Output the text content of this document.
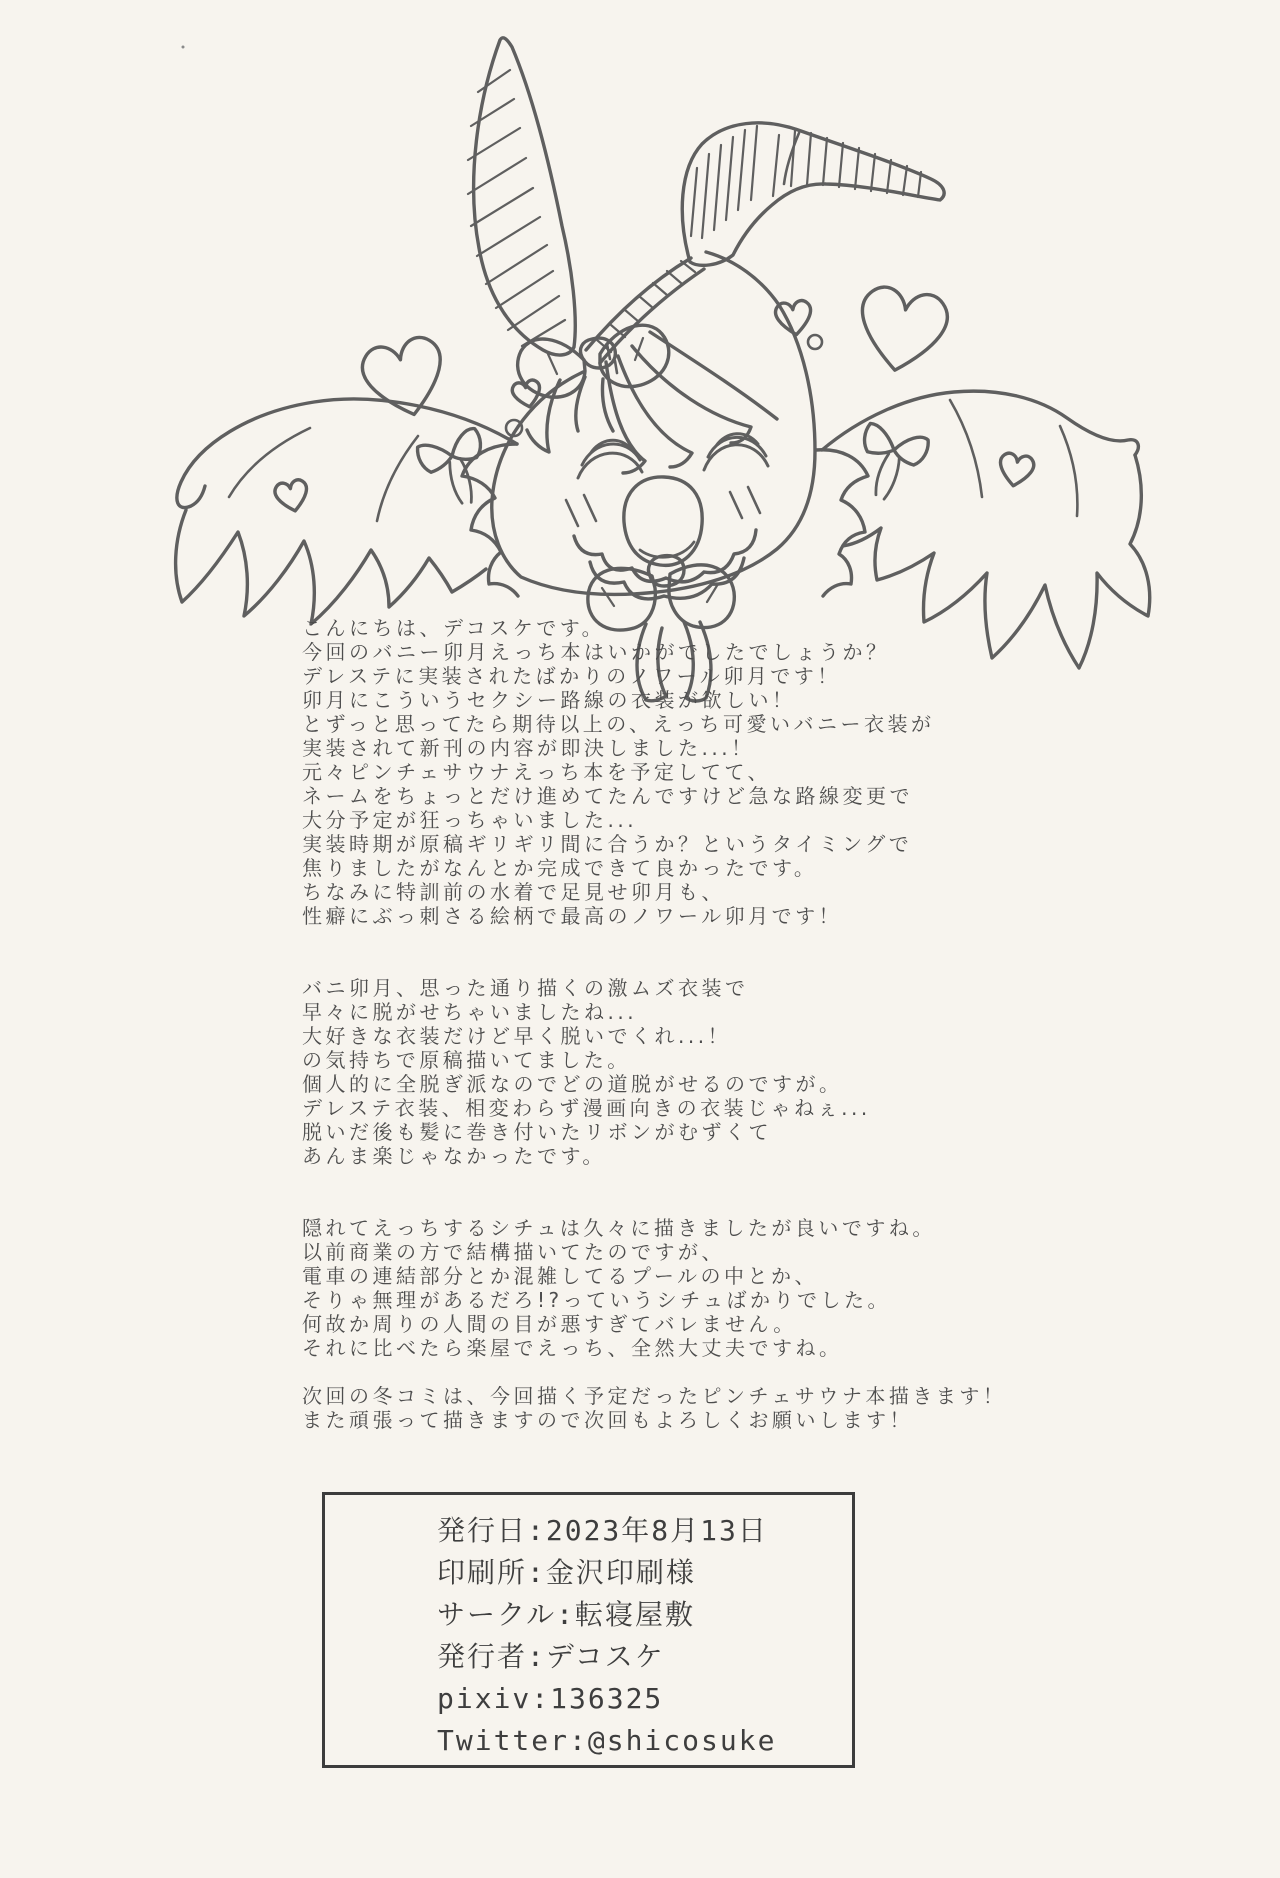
こんにちは、デコスケです。
今回のバニー卯月えっち本はいかがでしたでしょうか？
デレステに実装されたばかりのノワール卯月です！
卯月にこういうセクシー路線の衣装が欲しい！
とずっと思ってたら期待以上の、えっち可愛いバニー衣装が
実装されて新刊の内容が即決しました...！
元々ピンチェサウナえっち本を予定してて、
ネームをちょっとだけ進めてたんですけど急な路線変更で
大分予定が狂っちゃいました...
実装時期が原稿ギリギリ間に合うか？というタイミングで
焦りましたがなんとか完成できて良かったです。
ちなみに特訓前の水着で足見せ卯月も、
性癖にぶっ刺さる絵柄で最高のノワール卯月です！
バニ卯月、思った通り描くの激ムズ衣装で
早々に脱がせちゃいましたね...
大好きな衣装だけど早く脱いでくれ...！
の気持ちで原稿描いてました。
個人的に全脱ぎ派なのでどの道脱がせるのですが。
デレステ衣装、相変わらず漫画向きの衣装じゃねぇ...
脱いだ後も髪に巻き付いたリボンがむずくて
あんま楽じゃなかったです。
隠れてえっちするシチュは久々に描きましたが良いですね。
以前商業の方で結構描いてたのですが、
電車の連結部分とか混雑してるプールの中とか、
そりゃ無理があるだろ!?っていうシチュばかりでした。
何故か周りの人間の目が悪すぎてバレません。
それに比べたら楽屋でえっち、全然大丈夫ですね。
次回の冬コミは、今回描く予定だったピンチェサウナ本描きます！
また頑張って描きますので次回もよろしくお願いします！
発行日:2023年8月13日
印刷所:金沢印刷様
サークル:転寝屋敷
発行者:デコスケ
pixiv:136325
Twitter:@shicosuke
